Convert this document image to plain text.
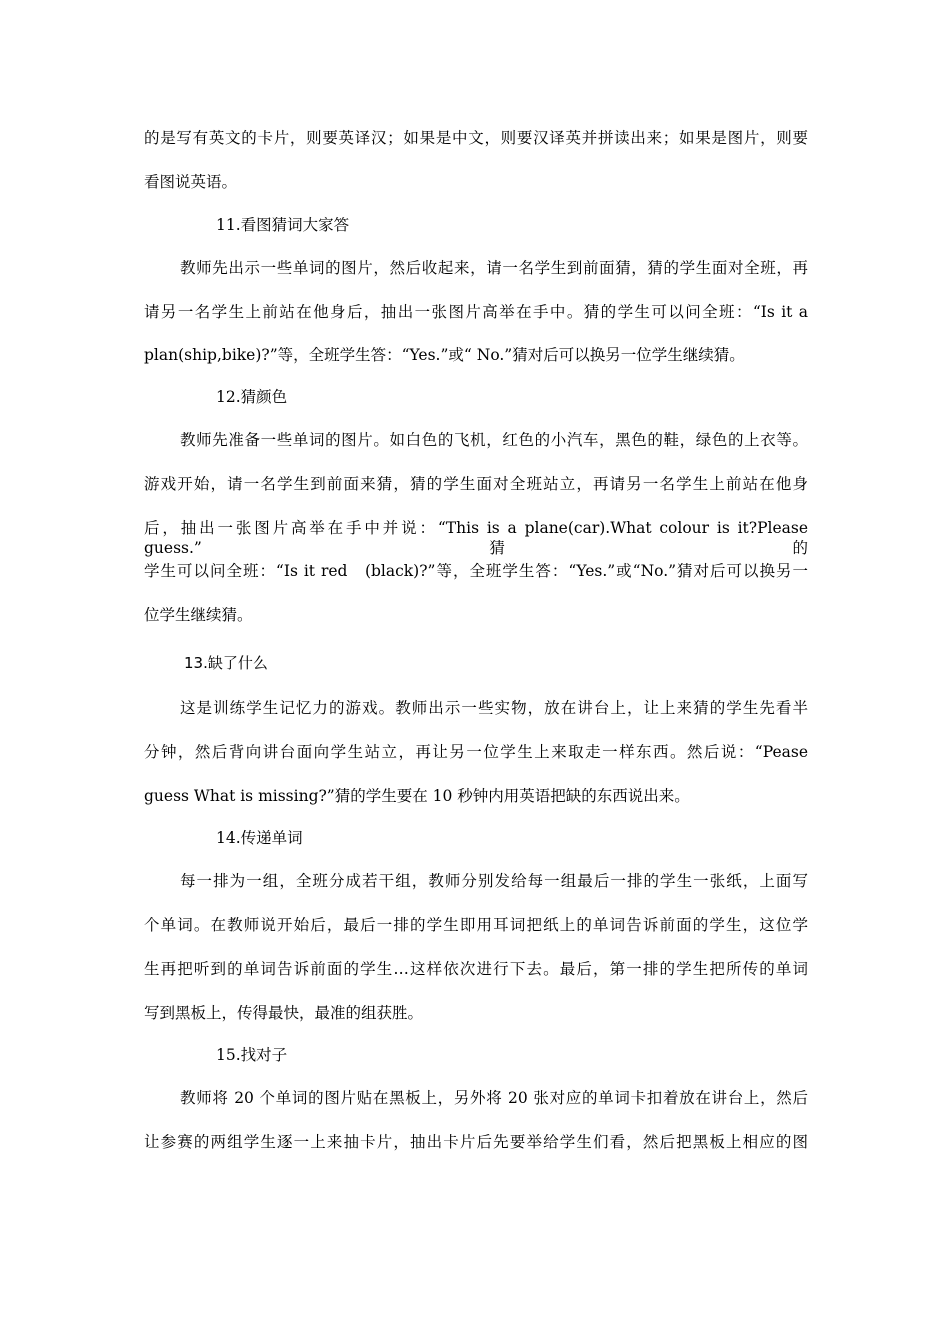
的是写有英文的卡片，则要英译汉；如果是中文，则要汉译英并拼读出来；如果是图片，则要
看图说英语。
11.看图猜词大家答
教师先出示一些单词的图片，然后收起来，请一名学生到前面猜，猜的学生面对全班，再
请另一名学生上前站在他身后，抽出一张图片高举在手中。猜的学生可以问全班：“Is it a
plan(ship,bike)?”等，全班学生答：“Yes.”或“ No.”猜对后可以换另一位学生继续猜。
12.猜颜色
教师先准备一些单词的图片。如白色的飞机，红色的小汽车，黑色的鞋，绿色的上衣等。
游戏开始，请一名学生到前面来猜，猜的学生面对全班站立，再请另一名学生上前站在他身
后，抽出一张图片高举在手中并说：“This is a plane(car).What colour is it?Please guess.”猜的
学生可以问全班：“Is it red　(black)?”等，全班学生答：“Yes.”或“No.”猜对后可以换另一
位学生继续猜。
13.缺了什么
这是训练学生记忆力的游戏。教师出示一些实物，放在讲台上，让上来猜的学生先看半
分钟，然后背向讲台面向学生站立，再让另一位学生上来取走一样东西。然后说：“Pease
guess What is missing?”猜的学生要在 10 秒钟内用英语把缺的东西说出来。
14.传递单词
每一排为一组，全班分成若干组，教师分别发给每一组最后一排的学生一张纸，上面写
个单词。在教师说开始后，最后一排的学生即用耳词把纸上的单词告诉前面的学生，这位学
生再把听到的单词告诉前面的学生…这样依次进行下去。最后，第一排的学生把所传的单词
写到黑板上，传得最快，最准的组获胜。
15.找对子
教师将 20 个单词的图片贴在黑板上，另外将 20 张对应的单词卡扣着放在讲台上，然后
让参赛的两组学生逐一上来抽卡片，抽出卡片后先要举给学生们看，然后把黑板上相应的图
